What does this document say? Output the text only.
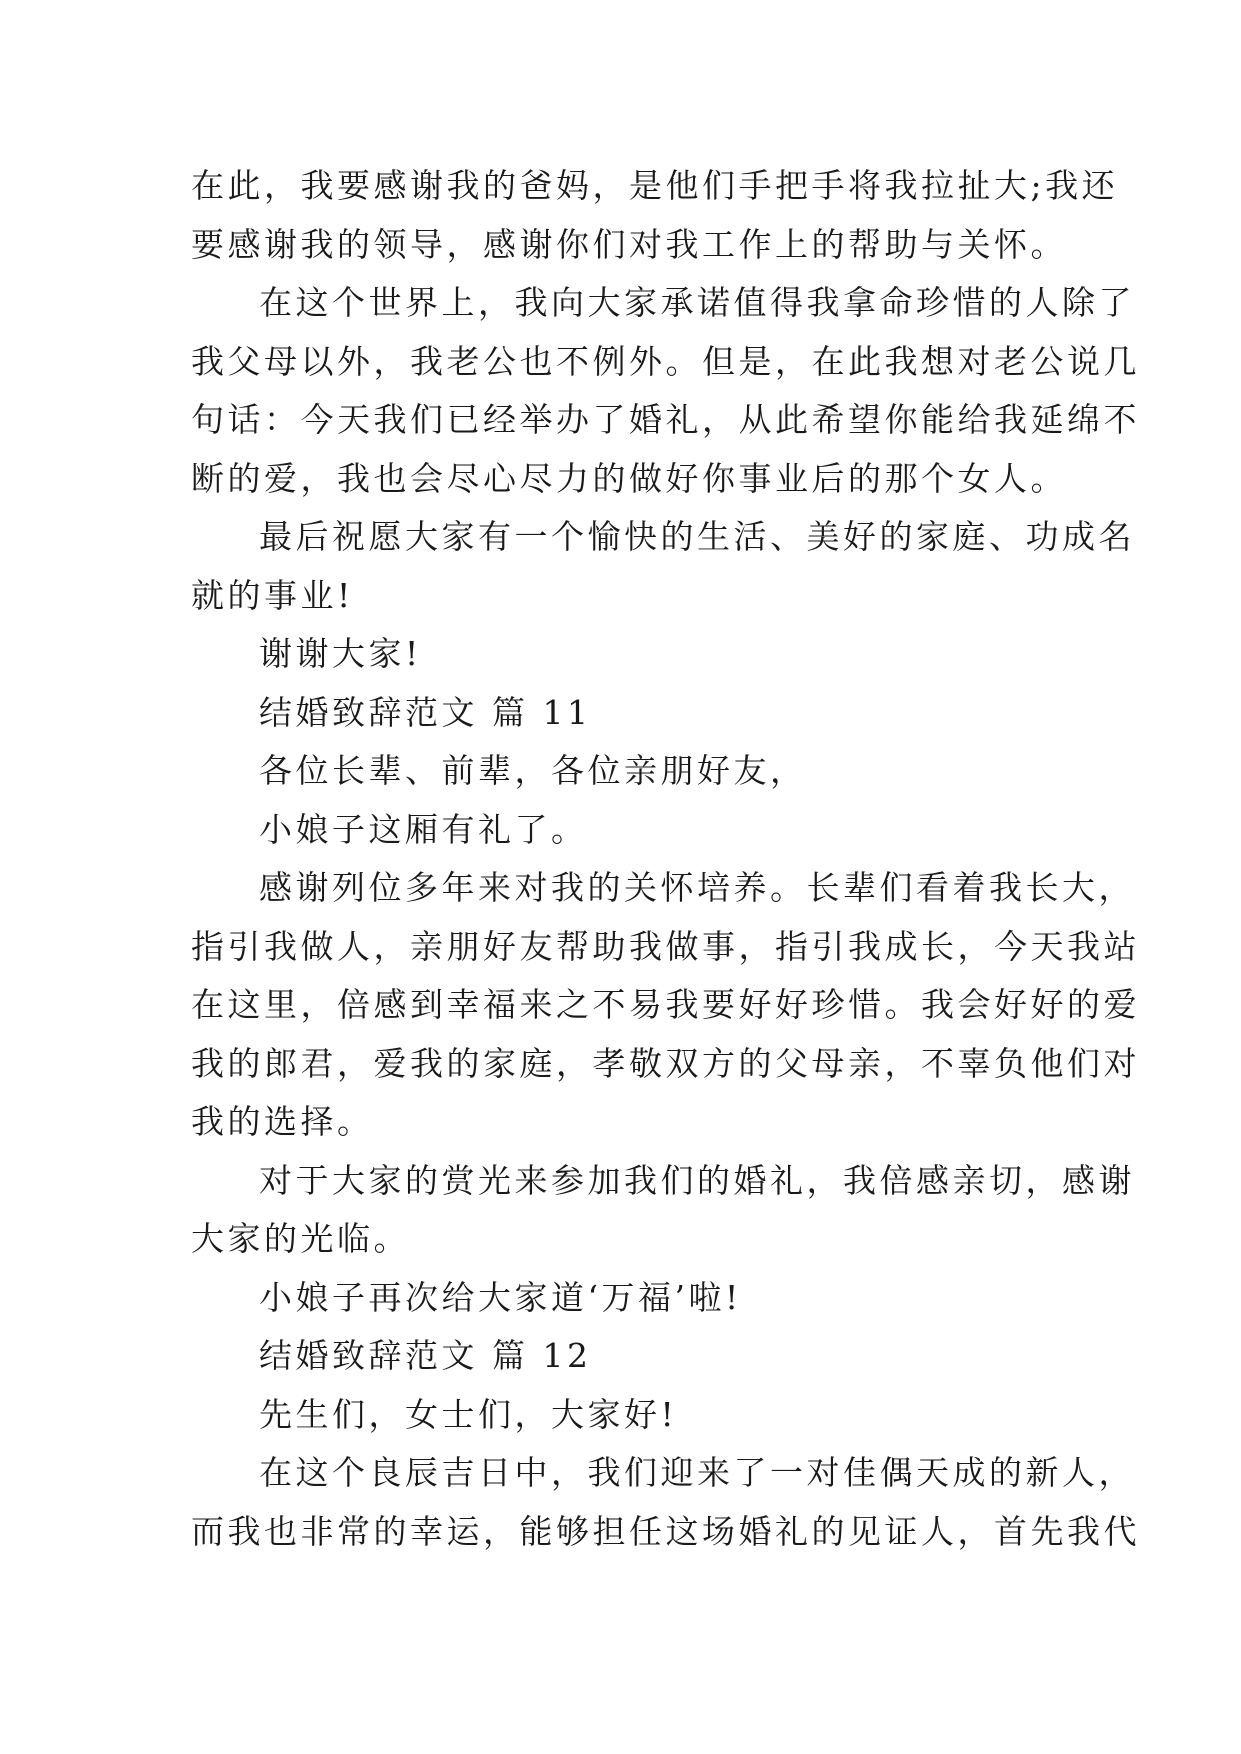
在此，我要感谢我的爸妈，是他们手把手将我拉扯大;我还
要感谢我的领导，感谢你们对我工作上的帮助与关怀。
在这个世界上，我向大家承诺值得我拿命珍惜的人除了
我父母以外，我老公也不例外。但是，在此我想对老公说几
句话：今天我们已经举办了婚礼，从此希望你能给我延绵不
断的爱，我也会尽心尽力的做好你事业后的那个女人。
最后祝愿大家有一个愉快的生活、美好的家庭、功成名
就的事业!
谢谢大家!
结婚致辞范文 篇 11
各位长辈、前辈，各位亲朋好友，
小娘子这厢有礼了。
感谢列位多年来对我的关怀培养。长辈们看着我长大，
指引我做人，亲朋好友帮助我做事，指引我成长，今天我站
在这里，倍感到幸福来之不易我要好好珍惜。我会好好的爱
我的郎君，爱我的家庭，孝敬双方的父母亲，不辜负他们对
我的选择。
对于大家的赏光来参加我们的婚礼，我倍感亲切，感谢
大家的光临。
小娘子再次给大家道‘万福’啦!
结婚致辞范文 篇 12
先生们，女士们，大家好!
在这个良辰吉日中，我们迎来了一对佳偶天成的新人，
而我也非常的幸运，能够担任这场婚礼的见证人，首先我代
